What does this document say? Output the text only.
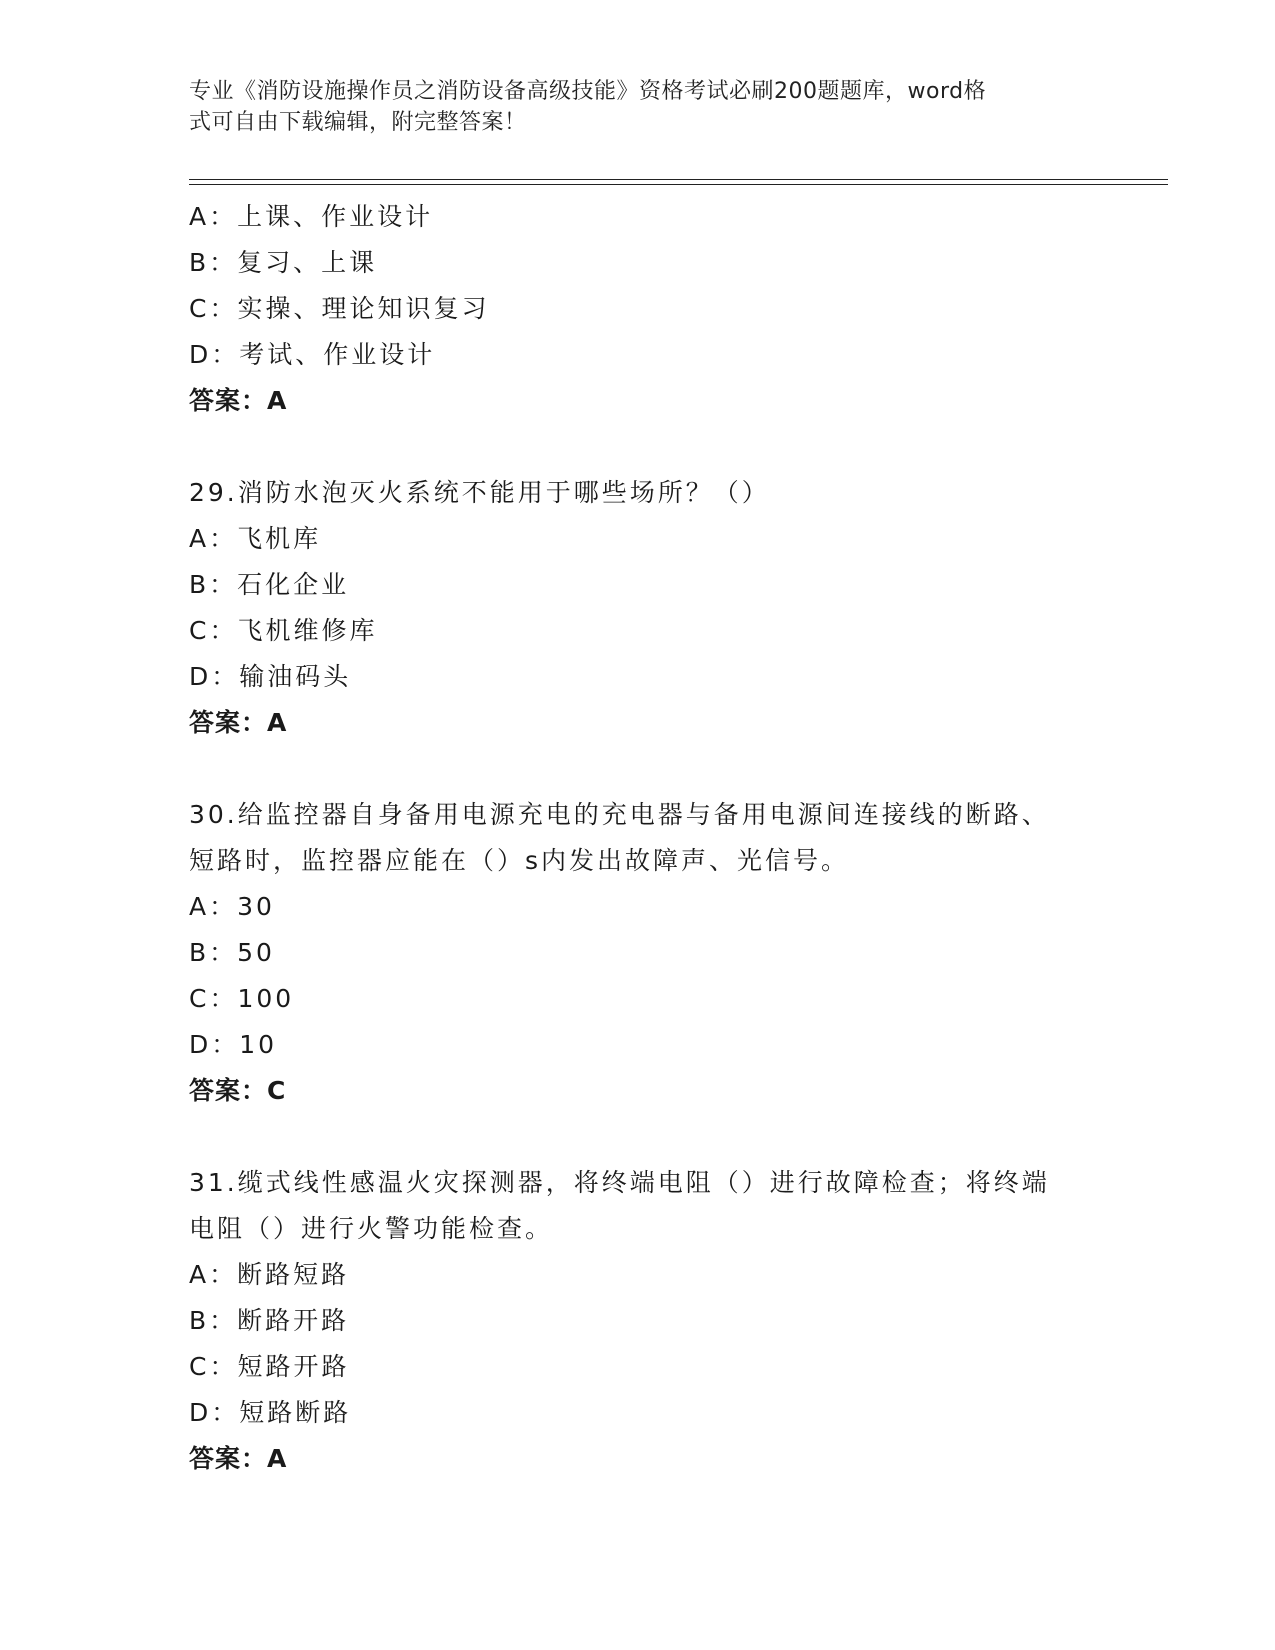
专业《消防设施操作员之消防设备高级技能》资格考试必刷200题题库，word格
式可自由下载编辑，附完整答案！
A：上课、作业设计
B：复习、上课
C：实操、理论知识复习
D：考试、作业设计
答案：A
29.消防水泡灭火系统不能用于哪些场所？（）
A：飞机库
B：石化企业
C：飞机维修库
D：输油码头
答案：A
30.给监控器自身备用电源充电的充电器与备用电源间连接线的断路、
短路时，监控器应能在（）s内发出故障声、光信号。
A：30
B：50
C：100
D：10
答案：C
31.缆式线性感温火灾探测器，将终端电阻（）进行故障检查；将终端
电阻（）进行火警功能检查。
A：断路短路
B：断路开路
C：短路开路
D：短路断路
答案：A
